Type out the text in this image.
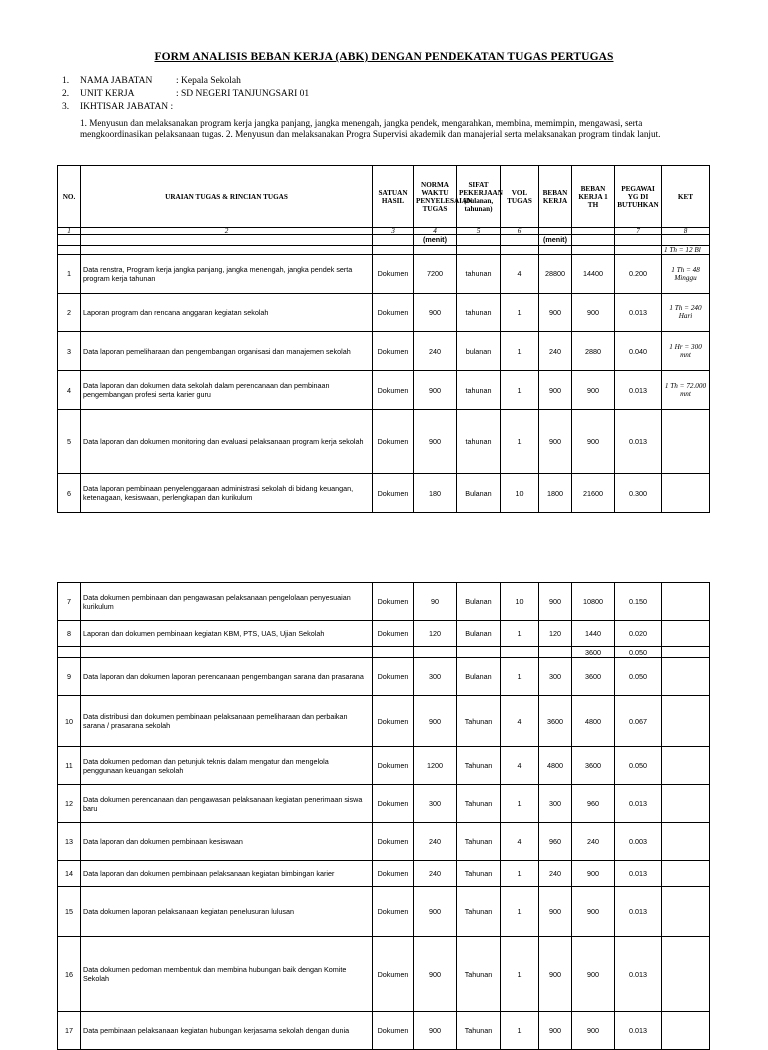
FORM ANALISIS BEBAN KERJA (ABK) DENGAN PENDEKATAN TUGAS PERTUGAS
1. NAMA JABATAN : Kepala Sekolah
2. UNIT KERJA	: SD NEGERI TANJUNGSARI 01
3. IKHTISAR JABATAN :
1. Menyusun dan melaksanakan program kerja jangka panjang, jangka menengah, jangka pendek, mengarahkan, membina, memimpin, mengawasi, serta mengkoordinasikan pelaksanaan tugas. 2. Menyusun dan melaksanakan Progra Supervisi akademik dan manajerial serta melaksanakan program tindak lanjut.
NO.	URAIAN TUGAS & RINCIAN TUGAS	SATUAN HASIL	NORMA WAKTU PENYELESAIAN TUGAS	SIFAT PEKERJAAN (bulanan, tahunan)	VOL TUGAS	BEBAN KERJA	BEBAN KERJA 1 TH	PEGAWAI YG DI BUTUHKAN	KET
1	2	3	4	5	6			7	8
			(menit)			(menit)			
									1 Th = 12 Bl
1	Data renstra, Program kerja jangka panjang, jangka menengah, jangka pendek serta program kerja tahunan	Dokumen	7200	tahunan	4	28800	14400	0.200	1 Th = 48 Minggu
2	Laporan program dan rencana anggaran kegiatan sekolah	Dokumen	900	tahunan	1	900	900	0.013	1 Th = 240 Hari
3	Data laporan pemeliharaan dan pengembangan organisasi dan manajemen sekolah	Dokumen	240	bulanan	1	240	2880	0.040	1 Hr = 300 mnt
4	Data laporan dan dokumen data sekolah dalam perencanaan dan pembinaan pengembangan profesi serta karier guru	Dokumen	900	tahunan	1	900	900	0.013	1 Th = 72.000 mnt
5	Data laporan dan dokumen monitoring dan evaluasi pelaksanaan program kerja sekolah	Dokumen	900	tahunan	1	900	900	0.013	
6	Data laporan pembinaan penyelenggaraan administrasi sekolah di bidang keuangan, ketenagaan, kesiswaan, perlengkapan dan kurikulum	Dokumen	180	Bulanan	10	1800	21600	0.300	
7	Data dokumen pembinaan dan pengawasan pelaksanaan pengelolaan penyesuaian kurikulum	Dokumen	90	Bulanan	10	900	10800	0.150	
8	Laporan dan dokumen pembinaan kegiatan KBM, PTS, UAS, Ujian Sekolah	Dokumen	120	Bulanan	1	120	1440	0.020	
							3600	0.050	
9	Data laporan dan dokumen laporan perencanaan pengembangan sarana dan prasarana	Dokumen	300	Bulanan	1	300	3600	0.050	
10	Data distribusi dan dokumen pembinaan pelaksanaan pemeliharaan dan perbaikan sarana / prasarana sekolah	Dokumen	900	Tahunan	4	3600	4800	0.067	
11	Data dokumen pedoman dan petunjuk teknis dalam mengatur dan mengelola penggunaan keuangan sekolah	Dokumen	1200	Tahunan	4	4800	3600	0.050	
12	Data dokumen perencanaan dan pengawasan pelaksanaan kegiatan penerimaan siswa baru	Dokumen	300	Tahunan	1	300	960	0.013	
13	Data laporan dan dokumen pembinaan kesiswaan	Dokumen	240	Tahunan	4	960	240	0.003	
14	Data laporan dan dokumen pembinaan pelaksanaan kegiatan bimbingan karier	Dokumen	240	Tahunan	1	240	900	0.013	
15	Data dokumen laporan pelaksanaan kegiatan penelusuran lulusan	Dokumen	900	Tahunan	1	900	900	0.013	
16	Data dokumen pedoman membentuk dan membina hubungan baik dengan Komite Sekolah	Dokumen	900	Tahunan	1	900	900	0.013	
17	Data pembinaan pelaksanaan kegiatan hubungan kerjasama sekolah dengan dunia	Dokumen	900	Tahunan	1	900	900	0.013	
